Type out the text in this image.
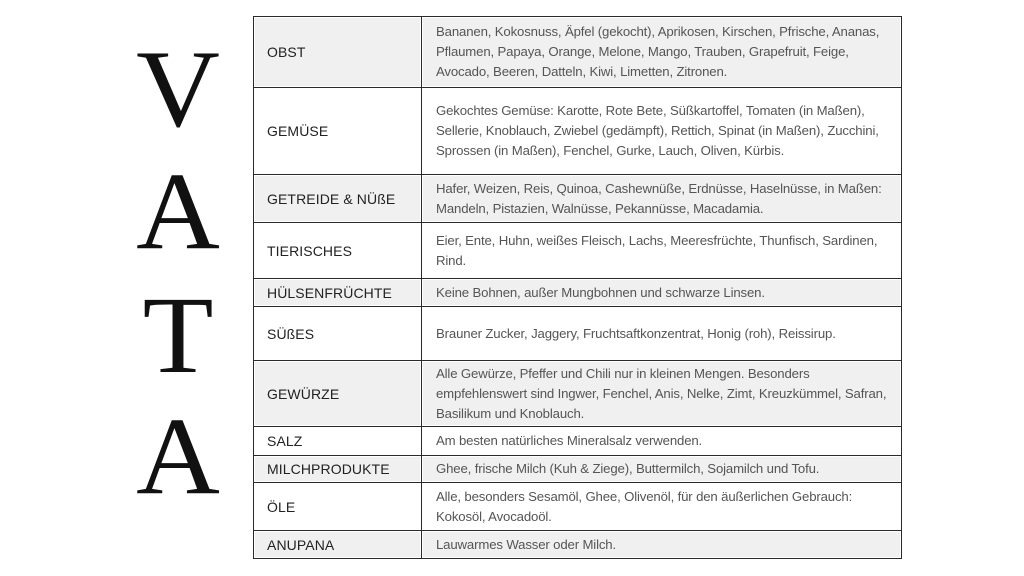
V
A
T
A
OBST	Bananen, Kokosnuss, Äpfel (gekocht), Aprikosen, Kirschen, Pfrische, Ananas, Pflaumen, Papaya, Orange, Melone, Mango, Trauben, Grapefruit, Feige, Avocado, Beeren, Datteln, Kiwi, Limetten, Zitronen.
GEMÜSE	Gekochtes Gemüse: Karotte, Rote Bete, Süßkartoffel, Tomaten (in Maßen), Sellerie, Knoblauch, Zwiebel (gedämpft), Rettich, Spinat (in Maßen), Zucchini, Sprossen (in Maßen), Fenchel, Gurke, Lauch, Oliven, Kürbis.
GETREIDE & NÜßE	Hafer, Weizen, Reis, Quinoa, Cashewnüße, Erdnüsse, Haselnüsse, in Maßen: Mandeln, Pistazien, Walnüsse, Pekannüsse, Macadamia.
TIERISCHES	Eier, Ente, Huhn, weißes Fleisch, Lachs, Meeresfrüchte, Thunfisch, Sardinen, Rind.
HÜLSENFRÜCHTE	Keine Bohnen, außer Mungbohnen und schwarze Linsen.
SÜßES	Brauner Zucker, Jaggery, Fruchtsaftkonzentrat, Honig (roh), Reissirup.
GEWÜRZE	Alle Gewürze, Pfeffer und Chili nur in kleinen Mengen. Besonders empfehlenswert sind Ingwer, Fenchel, Anis, Nelke, Zimt, Kreuzkümmel, Safran, Basilikum und Knoblauch.
SALZ	Am besten natürliches Mineralsalz verwenden.
MILCHPRODUKTE	Ghee, frische Milch (Kuh & Ziege), Buttermilch, Sojamilch und Tofu.
ÖLE	Alle, besonders Sesamöl, Ghee, Olivenöl, für den äußerlichen Gebrauch: Kokosöl, Avocadoöl.
ANUPANA	Lauwarmes Wasser oder Milch.
